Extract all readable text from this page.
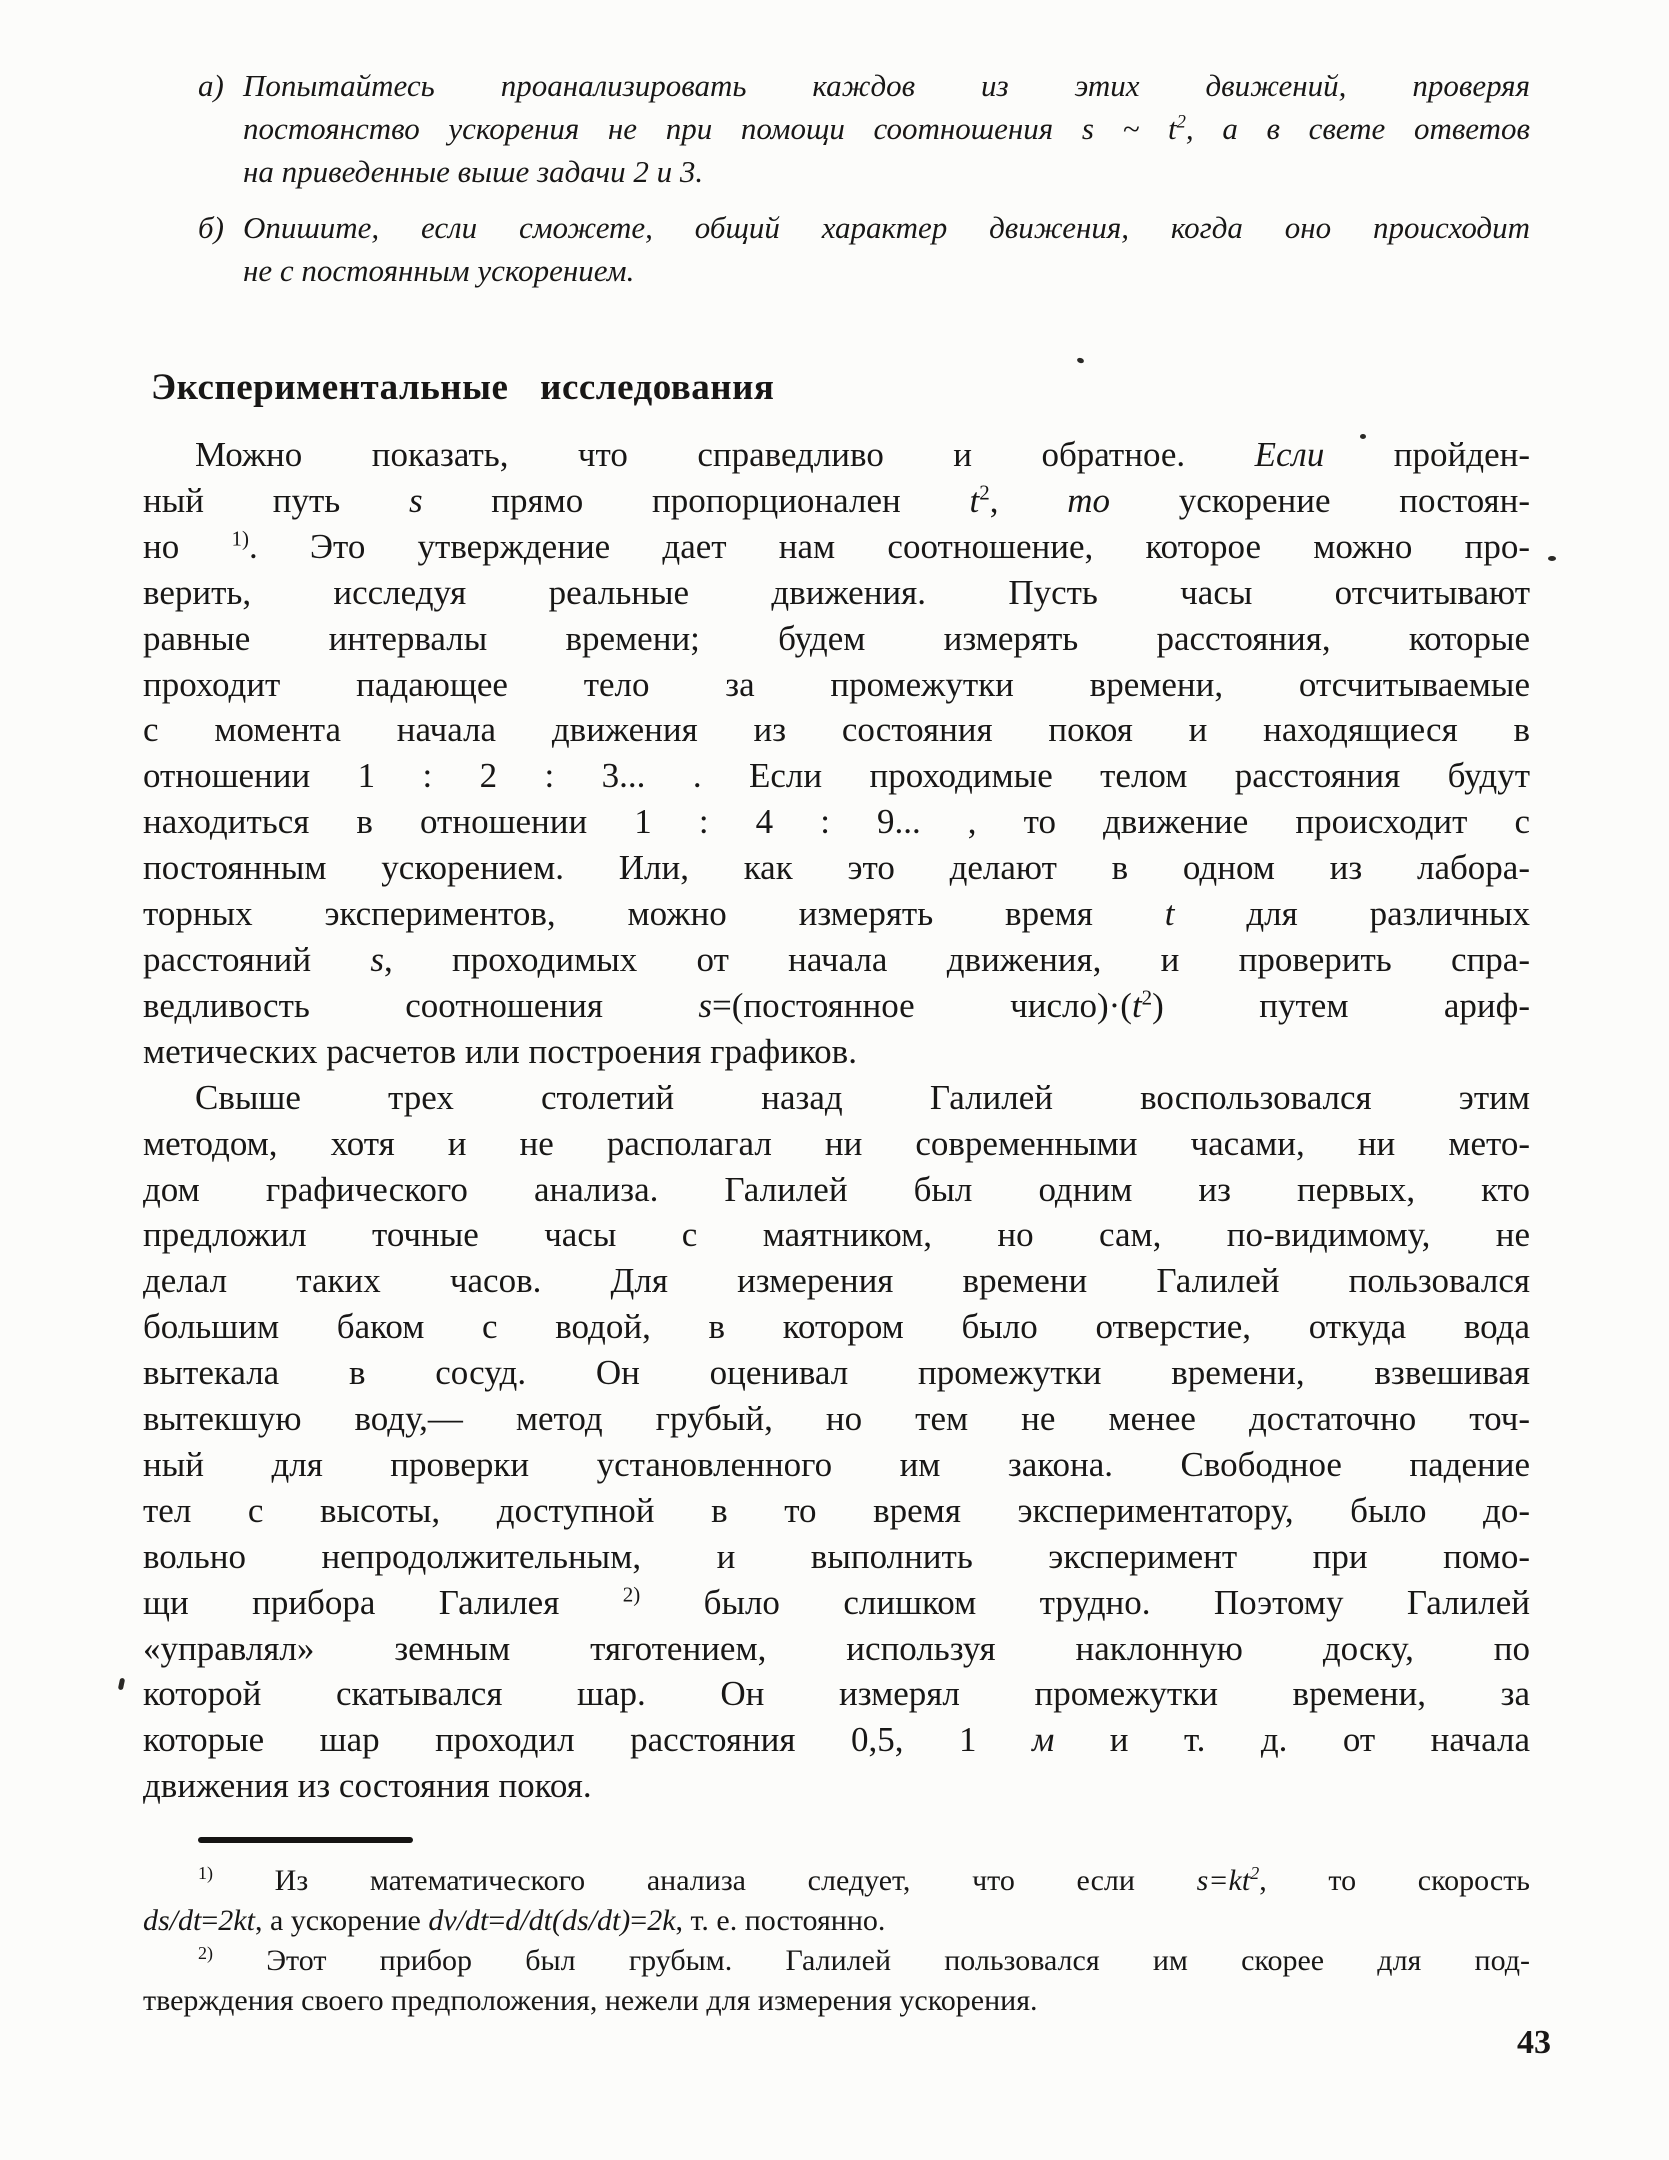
а) Попытайтесь проанализировать каждов из этих движений, проверяя
постоянство ускорения не при помощи соотношения s ~ $t^2$, а в свете ответов
на приведенные выше задачи 2 и 3.
б) Опишите, если сможете, общий характер движения, когда оно происходит
не с постоянным ускорением.
Экспериментальные исследования
Можно показать, что справедливо и обратное. Если пройден-
ный путь s прямо пропорционален $t^2$, то ускорение постоян-
но $^{1)}$. Это утверждение дает нам соотношение, которое можно про-
верить, исследуя реальные движения. Пусть часы отсчитывают
равные интервалы времени; будем измерять расстояния, которые
проходит падающее тело за промежутки времени, отсчитываемые
с момента начала движения из состояния покоя и находящиеся в
отношении 1 : 2 : 3... . Если проходимые телом расстояния будут
находиться в отношении 1 : 4 : 9... , то движение происходит с
постоянным ускорением. Или, как это делают в одном из лабора-
торных экспериментов, можно измерять время t для различных
расстояний s, проходимых от начала движения, и проверить спра-
ведливость соотношения s=(постоянное $число)\cdot(t^2)$ путем ариф-
метических расчетов или построения графиков.
Свыше трех столетий назад Галилей воспользовался этим
методом, хотя и не располагал ни современными часами, ни мето-
дом графического анализа. Галилей был одним из первых, кто
предложил точные часы с маятником, но сам, по-видимому, не
делал таких часов. Для измерения времени Галилей пользовался
большим баком с водой, в котором было отверстие, откуда вода
вытекала в сосуд. Он оценивал промежутки времени, взвешивая
вытекшую воду,— метод грубый, но тем не менее достаточно точ-
ный для проверки установленного им закона. Свободное падение
тел с высоты, доступной в то время экспериментатору, было до-
вольно непродолжительным, и выполнить эксперимент при помо-
щи прибора Галилея $^{2)}$ было слишком трудно. Поэтому Галилей
«управлял» земным тяготением, используя наклонную доску, по
которой скатывался шар. Он измерял промежутки времени, за
которые шар проходил расстояния 0,5, 1 м и т. д. от начала
движения из состояния покоя.
$^{1)}$ Из математического анализа следует, что если $s=kt^2$, то скорость
ds/dt=2kt, а ускорение dv/dt=d/dt(ds/dt)=2k, т. е. постоянно.
$^{2)}$ Этот прибор был грубым. Галилей пользовался им скорее для под-
тверждения своего предположения, нежели для измерения ускорения.
43
